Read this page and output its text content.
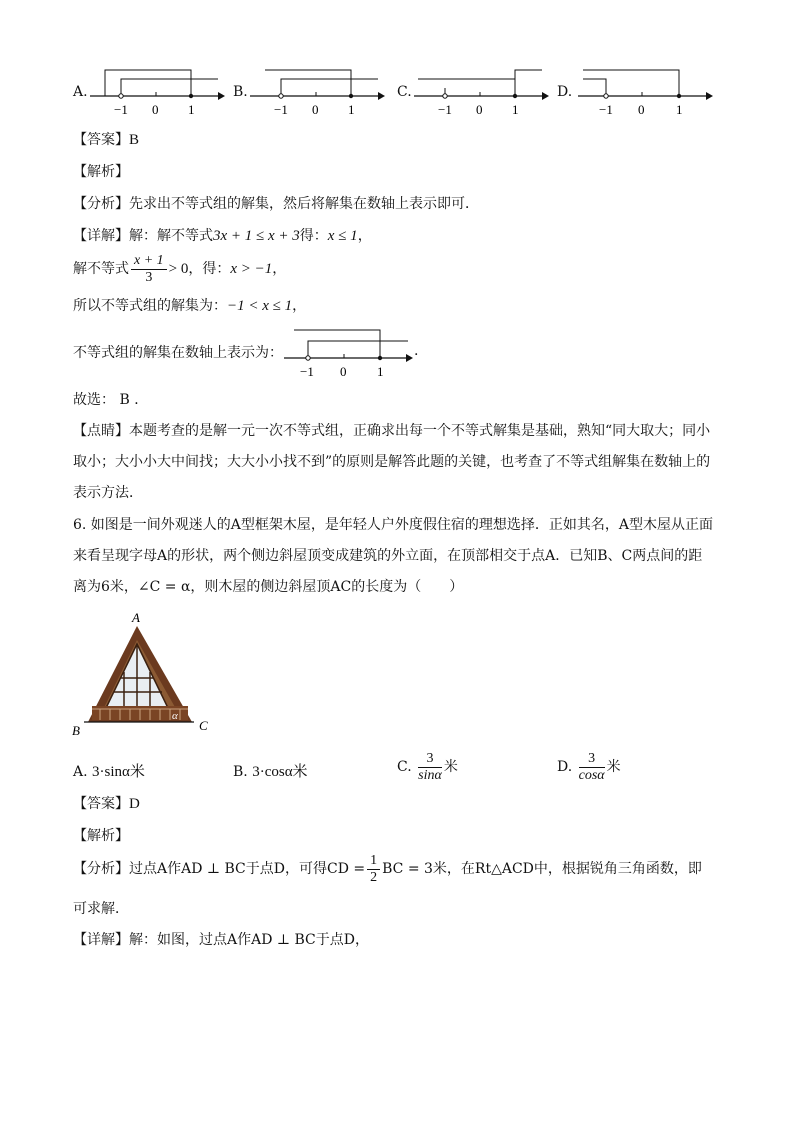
A.
−1 0 1
B.
−1 0 1
C.
−1 0 1
D.
−1 0 1
【答案】B
【解析】
【分析】先求出不等式组的解集，然后将解集在数轴上表示即可．
【详解】解：解不等式3x + 1 ≤ x + 3得：x ≤ 1，
解不等式 $\frac{x + 1}{3} > 0$，得：x > −1，
所以不等式组的解集为：−1 < x ≤ 1，
不等式组的解集在数轴上表示为：
−1 0 1
.
故选： B ．
【点睛】本题考查的是解一元一次不等式组，正确求出每一个不等式解集是基础，熟知“同大取大；同小
取小；大小小大中间找；大大小小找不到”的原则是解答此题的关键，也考查了不等式组解集在数轴上的
表示方法．
6. 如图是一间外观迷人的A型框架木屋，是年轻人户外度假住宿的理想选择．正如其名，A型木屋从正面
来看呈现字母A的形状，两个侧边斜屋顶变成建筑的外立面，在顶部相交于点A．已知B、C两点间的距
离为6米，∠C = α，则木屋的侧边斜屋顶AC的长度为（　　）
A
B	C
α
A. 3·sinα米	B. 3·cosα米	C. $\frac{3}{\sin\alpha}$ 米	D. $\frac{3}{\cos\alpha}$ 米
【答案】D
【解析】
【分析】过点A作AD ⊥ BC于点D，可得CD = $\frac{1}{2}$ BC = 3米，在Rt△ACD中，根据锐角三角函数，即
可求解．
【详解】解：如图，过点A作AD ⊥ BC于点D，
